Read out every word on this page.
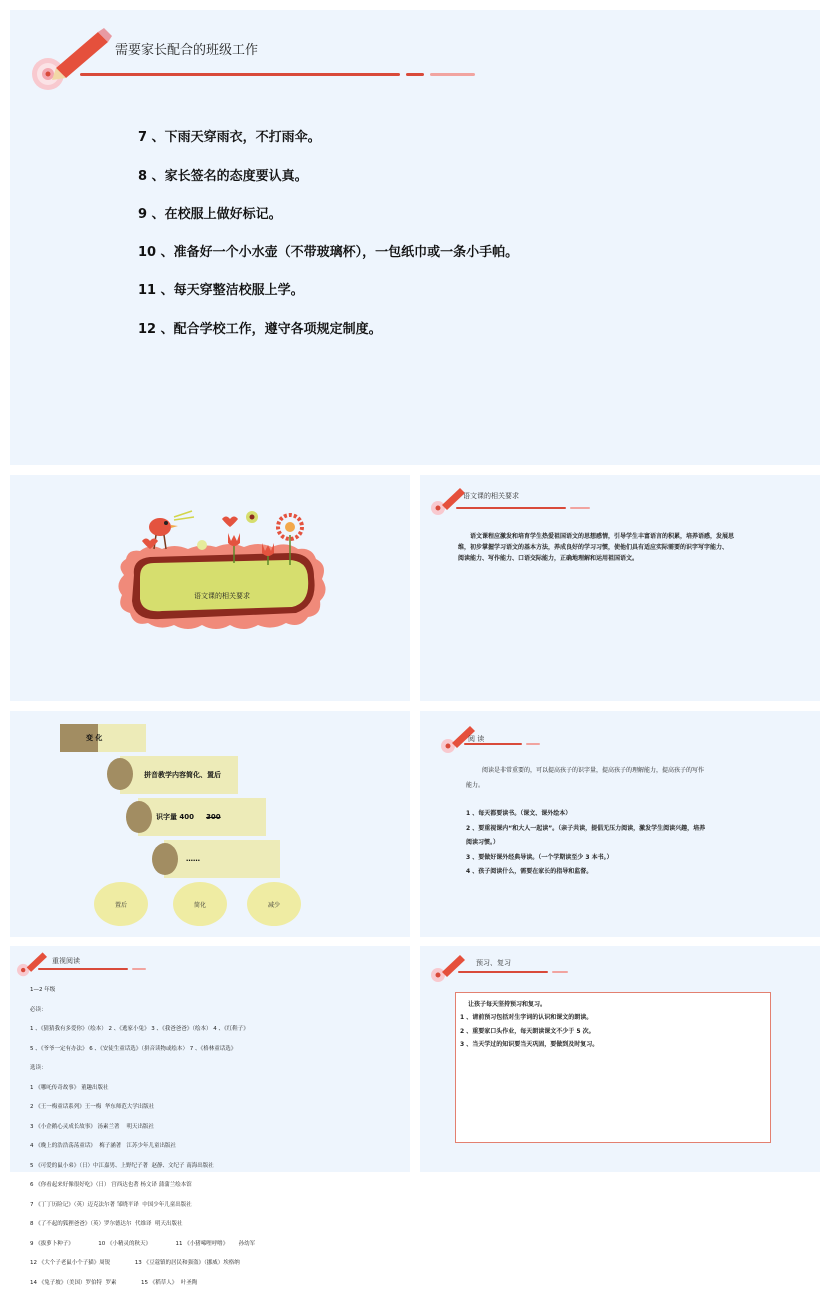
需要家长配合的班级工作
7 、下雨天穿雨衣，不打雨伞。
8 、家长签名的态度要认真。
9 、在校服上做好标记。
10 、准备好一个小水壶（不带玻璃杯），一包纸巾或一条小手帕。
11 、每天穿整洁校服上学。
12 、配合学校工作，遵守各项规定制度。
语文课的相关要求
语文课的相关要求
语文课程应激发和培育学生热爱祖国语文的思想感情，引导学生丰富语言的积累，培养语感，发展思
维，初步掌握学习语文的基本方法，养成良好的学习习惯，使他们具有适应实际需要的识字写字能力、
阅读能力、写作能力、口语交际能力，正确地理解和运用祖国语文。
变 化
拼音教学内容简化、置后
识字量 400 300
……
置后	简化	减少
阅 读
阅读是非常重要的，可以提高孩子的识字量，提高孩子的理解能力，提高孩子的写作
能力。
1 、每天都要读书。（课文、课外绘本）
2 、要重视课内“和大人一起读”。（亲子共读，提倡无压力阅读，激发学生阅读兴趣，培养
阅读习惯。）
3 、要做好课外经典导读。（一个学期读至少 3 本书。）
4 、孩子阅读什么，需要在家长的指导和监督。
重视阅读

1—2 年级

必读：

1 、《猜猜我有多爱你》（绘本） 2 、《逃家小兔》 3 、《我爸爸爸》（绘本） 4 、《红鞋子》

5 、《爷爷一定有办法》 6 、《安徒生童话选》（拼音读物或绘本） 7 、《格林童话选》

选读：

1 《哪吒传奇故事》 董趣出版社

2 《王一梅童话系列》王一梅  华东师范大学出版社

3 《小企鹅心灵成长故事》 汤素兰著    明天出版社

4 《晚上的浩浩荡荡童话》  梅子涵著   江苏少年儿童出版社

5 《可爱的鼠小弟》（日）中江嘉男、上野纪子著  赵静、文纪子 南海出版社

6 《你看起来好像很好吃》（日） 宫西达也著 杨文译 蒲蒲兰绘本馆

7 《丁丁历险记》（英）迈克法尔著 邹晓平译  中国少年儿童出版社

8 《了不起的狐狸爸爸》（英）罗尔德达尔  代维译  明天出版社

9 《拔萝卜种子》              10 《小精灵的秋天》              11 《小猪唏哩呼噜》      孙幼军

12 《大个子老鼠小个子猫》周锐              13 《豆蔻镇的居民和强盗》（挪威）埃格纳

14 《兔子坡》（美国）罗伯特  罗素              15 《稻草人》  叶圣陶

预习、复习
让孩子每天坚持预习和复习。
1 、请前预习包括对生字词的认识和课文的朗读。
2 、重要家口头作业，每天朗读课文不少于 5 次。
3 、当天学过的知识要当天巩固，要做到及时复习。
